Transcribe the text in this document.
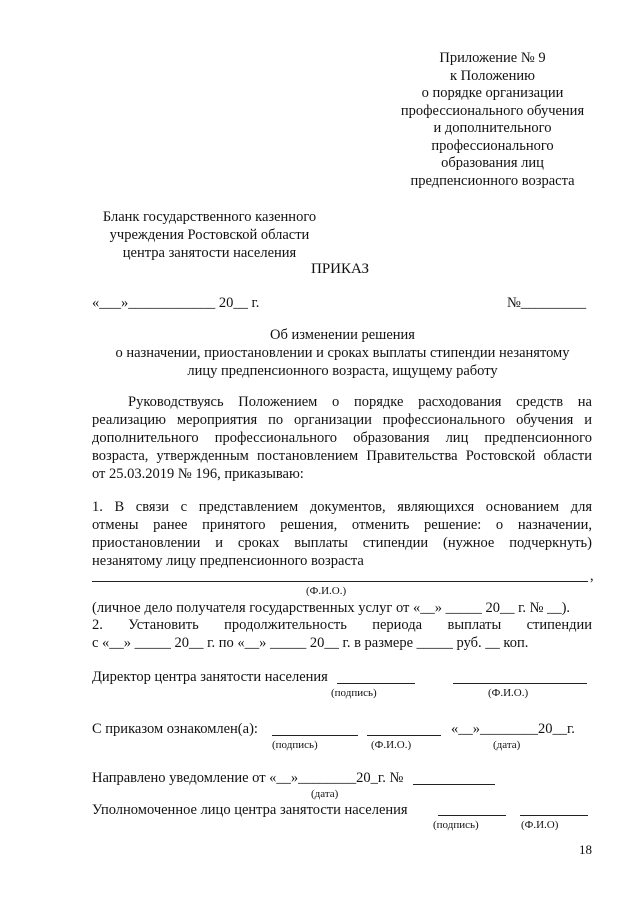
Приложение № 9
к Положению
о порядке организации
профессионального обучения
и дополнительного
профессионального
образования лиц
предпенсионного возраста
Бланк государственного казенного
учреждения Ростовской области
центра занятости населения
ПРИКАЗ
«___»____________ 20__ г.	№_________
Об изменении решения
о назначении, приостановлении и сроках выплаты стипендии незанятому
лицу предпенсионного возраста, ищущему работу
Руководствуясь Положением о порядке расходования средств на
реализацию мероприятия по организации профессионального обучения и
дополнительного профессионального образования лиц предпенсионного
возраста, утвержденным постановлением Правительства Ростовской области
от 25.03.2019 № 196, приказываю:
1. В связи с представлением документов, являющихся основанием для
отмены ранее принятого решения, отменить решение: о назначении,
приостановлении и сроках выплаты стипендии (нужное подчеркнуть)
незанятому лицу предпенсионного возраста
,
(Ф.И.О.)
(личное дело получателя государственных услуг от «__» _____ 20__ г. № __).
2. Установить продолжительность периода выплаты стипендии
с «__» _____ 20__ г. по «__» _____ 20__ г. в размере _____ руб. __ коп.
Директор центра занятости населения
(подпись)	(Ф.И.О.)
С приказом ознакомлен(а):	«__»________20__г.
(подпись)	(Ф.И.О.)	(дата)
Направлено уведомление от «__»________20_г. №
(дата)
Уполномоченное лицо центра занятости населения
(подпись)	(Ф.И.О)
18
